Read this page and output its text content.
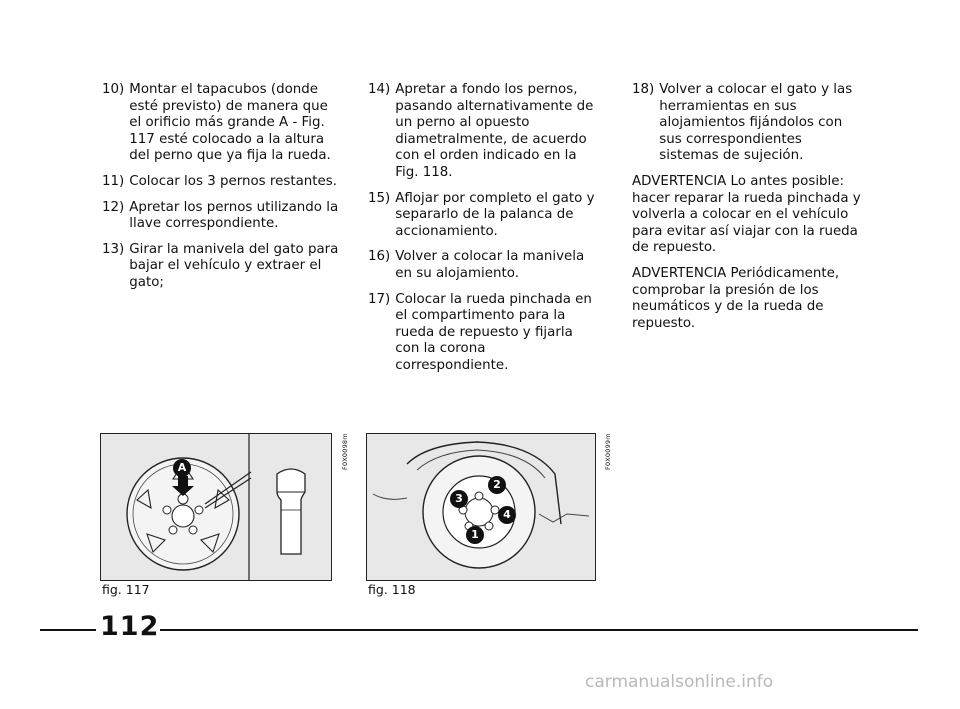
10) Montar el tapacubos (donde esté previsto) de manera que el orificio más grande A - Fig. 117 esté colocado a la altura del perno que ya fija la rueda.
11) Colocar los 3 pernos restantes.
12) Apretar los pernos utilizando la llave correspondiente.
13) Girar la manivela del gato para bajar el vehículo y extraer el gato;
14) Apretar a fondo los pernos, pasando alternativamente de un perno al opuesto diametralmente, de acuerdo con el orden indicado en la Fig. 118.
15) Aflojar por completo el gato y separarlo de la palanca de accionamiento.
16) Volver a colocar la manivela en su alojamiento.
17) Colocar la rueda pinchada en el compartimento para la rueda de repuesto y fijarla con la corona correspondiente.
18) Volver a colocar el gato y las herramientas en sus alojamientos fijándolos con sus correspondientes sistemas de sujeción.
ADVERTENCIA Lo antes posible: hacer reparar la rueda pinchada y volverla a colocar en el vehículo para evitar así viajar con la rueda de repuesto.
ADVERTENCIA Periódicamente, comprobar la presión de los neumáticos y de la rueda de repuesto.
A	F0X0098m
fig. 117
1
2
3
4
F0X0099m
fig. 118
112
carmanualsonline.info
